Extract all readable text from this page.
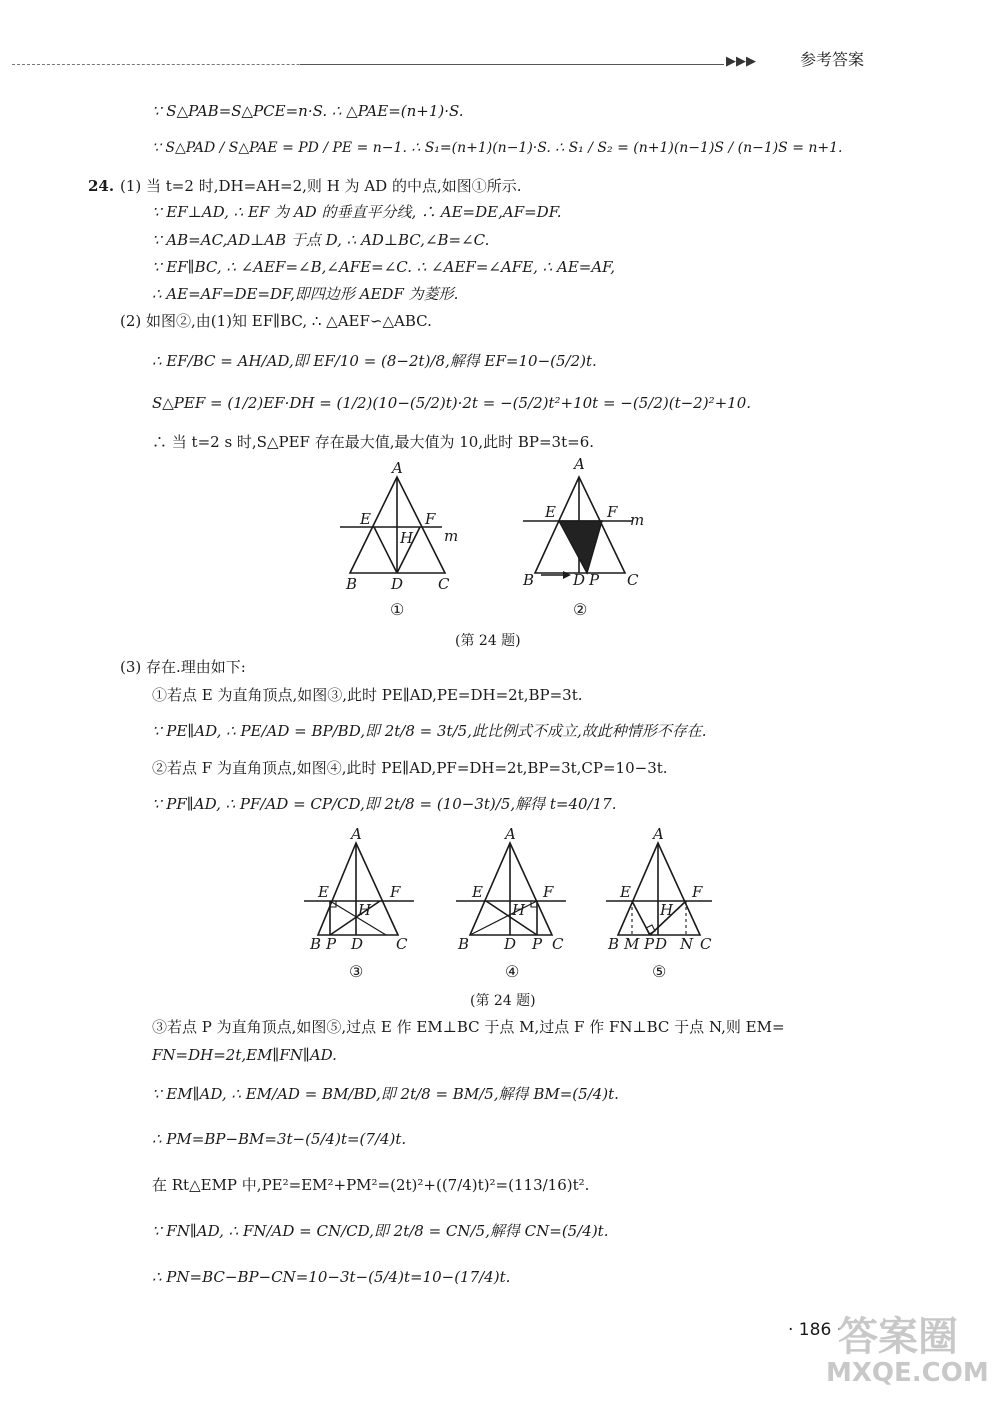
▶▶▶	参考答案
∵ S△PAB=S△PCE=n·S. ∴ △PAE=(n+1)·S.
∵ S△PAD / S△PAE = PD / PE = n−1. ∴ S₁=(n+1)(n−1)·S. ∴ S₁ / S₂ = (n+1)(n−1)S / (n−1)S = n+1.
24. (1) 当 t=2 时,DH=AH=2,则 H 为 AD 的中点,如图①所示.
∵ EF⊥AD, ∴ EF 为 AD 的垂直平分线, ∴ AE=DE,AF=DF.
∵ AB=AC,AD⊥AB 于点 D, ∴ AD⊥BC,∠B=∠C.
∵ EF∥BC, ∴ ∠AEF=∠B,∠AFE=∠C. ∴ ∠AEF=∠AFE, ∴ AE=AF,
∴ AE=AF=DE=DF,即四边形 AEDF 为菱形.
(2) 如图②,由(1)知 EF∥BC, ∴ △AEF∽△ABC.
∴ EF/BC = AH/AD,即 EF/10 = (8−2t)/8,解得 EF=10−(5/2)t.
S△PEF = (1/2)EF·DH = (1/2)(10−(5/2)t)·2t = −(5/2)t²+10t = −(5/2)(t−2)²+10.
∴ 当 t=2 s 时,S△PEF 存在最大值,最大值为 10,此时 BP=3t=6.
A
E	F
m
H
B D C
①
A
E	F m
B	D P C
②
(第 24 题)
(3) 存在.理由如下:
①若点 E 为直角顶点,如图③,此时 PE∥AD,PE=DH=2t,BP=3t.
∵ PE∥AD, ∴ PE/AD = BP/BD,即 2t/8 = 3t/5,此比例式不成立,故此种情形不存在.
②若点 F 为直角顶点,如图④,此时 PE∥AD,PF=DH=2t,BP=3t,CP=10−3t.
∵ PF∥AD, ∴ PF/AD = CP/CD,即 2t/8 = (10−3t)/5,解得 t=40/17.
A
E	F
H
B P D C
③
A
E	F
H
B D P C
④
A
E	F
H
B M P D N C
⑤
(第 24 题)
③若点 P 为直角顶点,如图⑤,过点 E 作 EM⊥BC 于点 M,过点 F 作 FN⊥BC 于点 N,则 EM=
FN=DH=2t,EM∥FN∥AD.
∵ EM∥AD, ∴ EM/AD = BM/BD,即 2t/8 = BM/5,解得 BM=(5/4)t.
∴ PM=BP−BM=3t−(5/4)t=(7/4)t.
在 Rt△EMP 中,PE²=EM²+PM²=(2t)²+((7/4)t)²=(113/16)t².
∵ FN∥AD, ∴ FN/AD = CN/CD,即 2t/8 = CN/5,解得 CN=(5/4)t.
∴ PN=BC−BP−CN=10−3t−(5/4)t=10−(17/4)t.
· 186 ·
答案圈
MXQE.COM
